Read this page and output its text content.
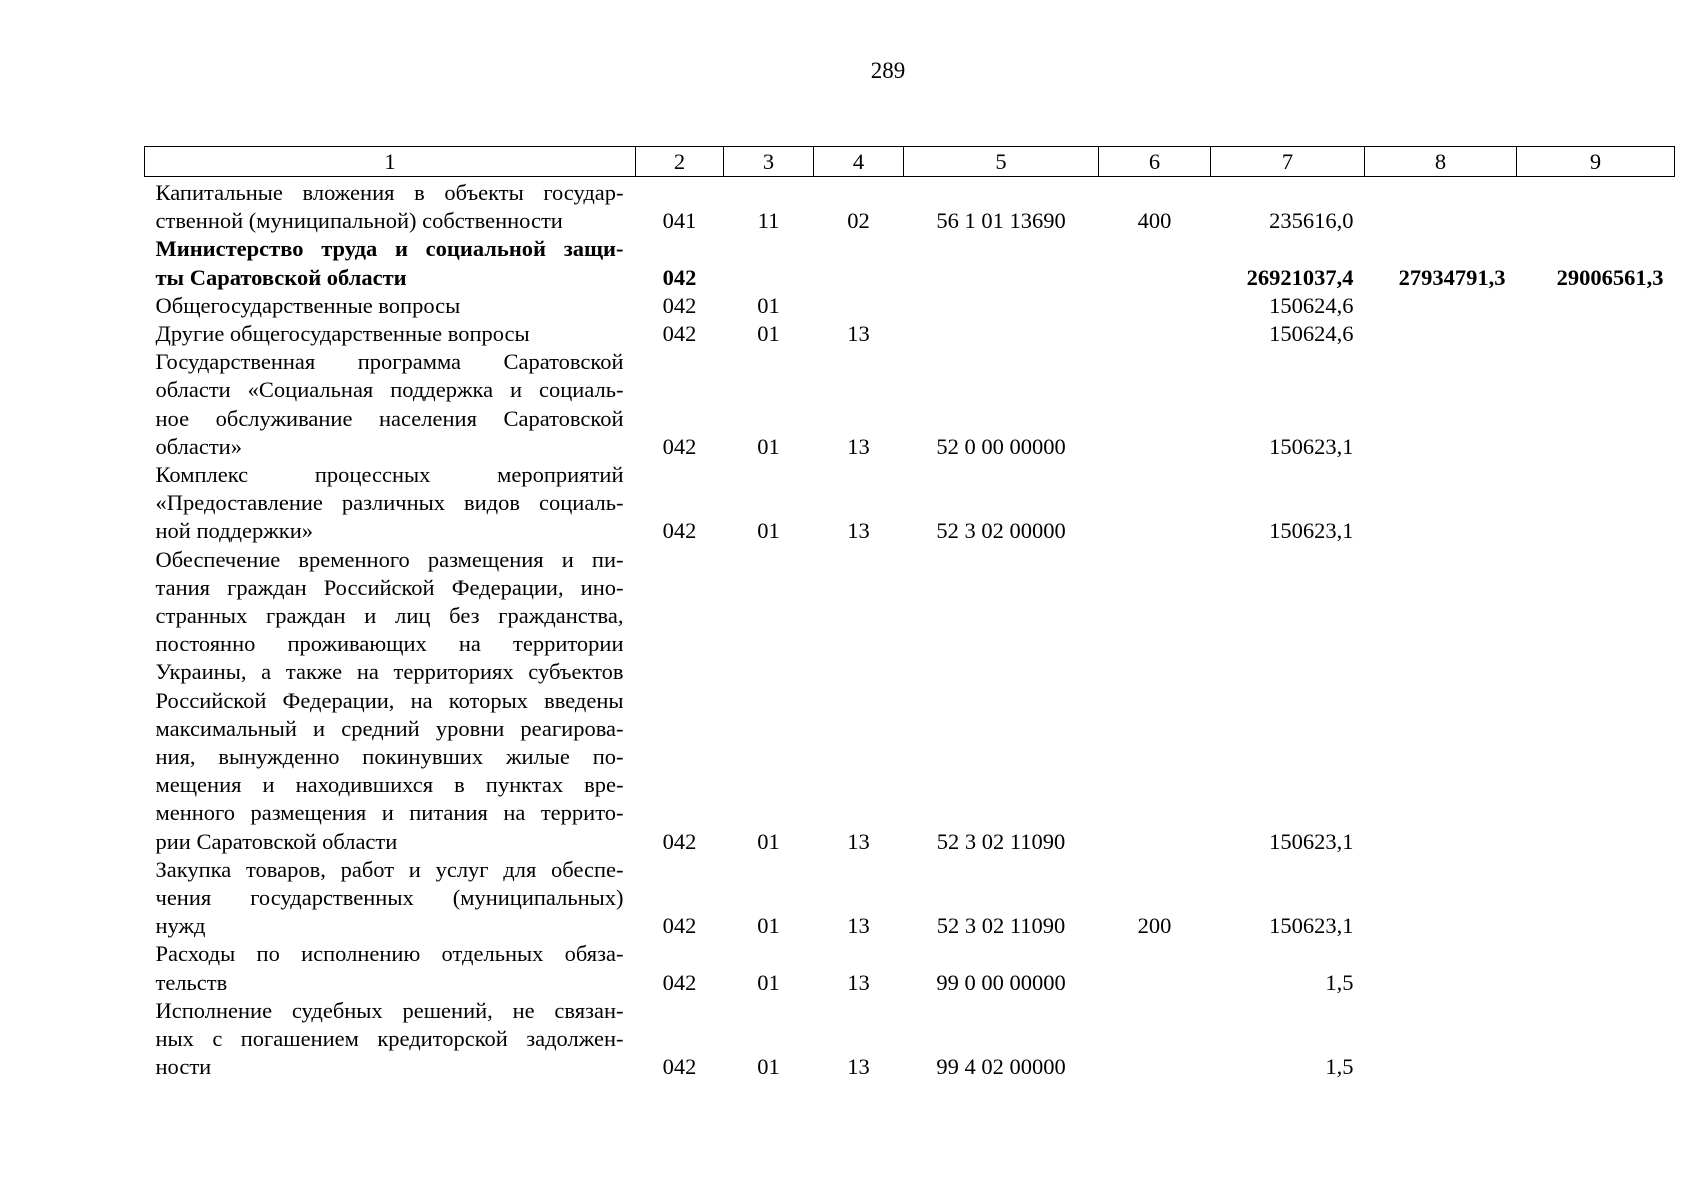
289
1	2	3	4	5	6	7	8	9
Капитальные вложения в объекты государ-ственной (муниципальной) собственности	041	11	02	56 1 01 13690	400	235616,0		
Министерство труда и социальной защи-ты Саратовской области	042					26921037,4	27934791,3	29006561,3
Общегосударственные вопросы	042	01				150624,6		
Другие общегосударственные вопросы	042	01	13			150624,6		
Государственная программа Саратовскойобласти «Социальная поддержка и социаль-ное обслуживание населения Саратовскойобласти»	042	01	13	52 0 00 00000		150623,1		
Комплекс процессных мероприятий«Предоставление различных видов социаль-ной поддержки»	042	01	13	52 3 02 00000		150623,1		
Обеспечение временного размещения и пи-тания граждан Российской Федерации, ино-странных граждан и лиц без гражданства,постоянно проживающих на территорииУкраины, а также на территориях субъектовРоссийской Федерации, на которых введенымаксимальный и средний уровни реагирова-ния, вынужденно покинувших жилые по-мещения и находившихся в пунктах вре-менного размещения и питания на террито-рии Саратовской области	042	01	13	52 3 02 11090		150623,1		
Закупка товаров, работ и услуг для обеспе-чения государственных (муниципальных)нужд	042	01	13	52 3 02 11090	200	150623,1		
Расходы по исполнению отдельных обяза-тельств	042	01	13	99 0 00 00000		1,5		
Исполнение судебных решений, не связан-ных с погашением кредиторской задолжен-ности	042	01	13	99 4 02 00000		1,5		
